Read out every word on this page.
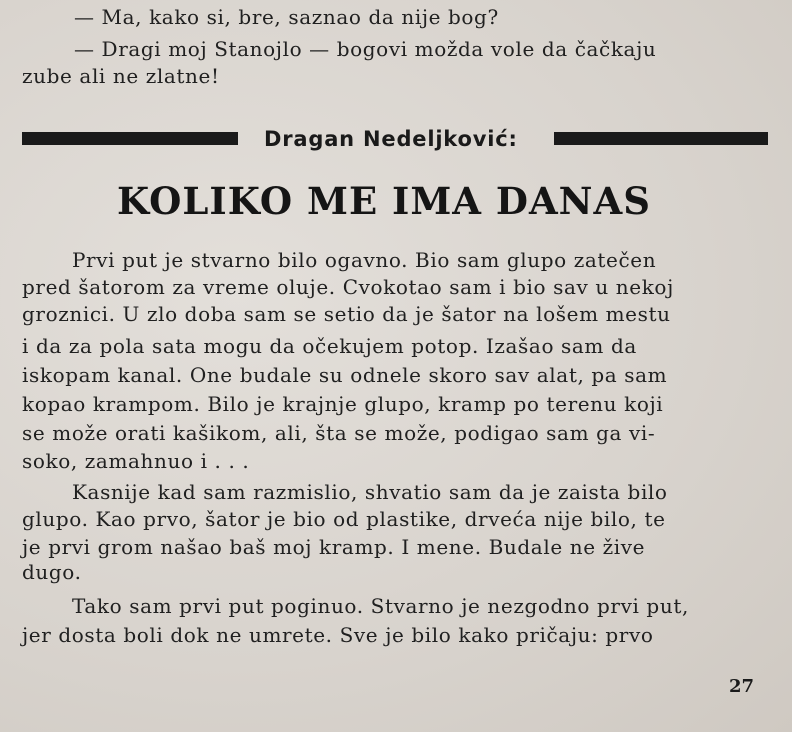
— Ma, kako si, bre, saznao da nije bog?
— Dragi moj Stanojlo — bogovi možda vole da čačkaju
zube ali ne zlatne!
Dragan Nedeljković:
KOLIKO ME IMA DANAS
Prvi put je stvarno bilo ogavno. Bio sam glupo zatečen
pred šatorom za vreme oluje. Cvokotao sam i bio sav u nekoj
groznici. U zlo doba sam se setio da je šator na lošem mestu
i da za pola sata mogu da očekujem potop. Izašao sam da
iskopam kanal. One budale su odnele skoro sav alat, pa sam
kopao krampom. Bilo je krajnje glupo, kramp po terenu koji
se može orati kašikom, ali, šta se može, podigao sam ga vi-
soko, zamahnuo i . . .
Kasnije kad sam razmislio, shvatio sam da je zaista bilo
glupo. Kao prvo, šator je bio od plastike, drveća nije bilo, te
je prvi grom našao baš moj kramp. I mene. Budale ne žive
dugo.
Tako sam prvi put poginuo. Stvarno je nezgodno prvi put,
jer dosta boli dok ne umrete. Sve je bilo kako pričaju: prvo
27
